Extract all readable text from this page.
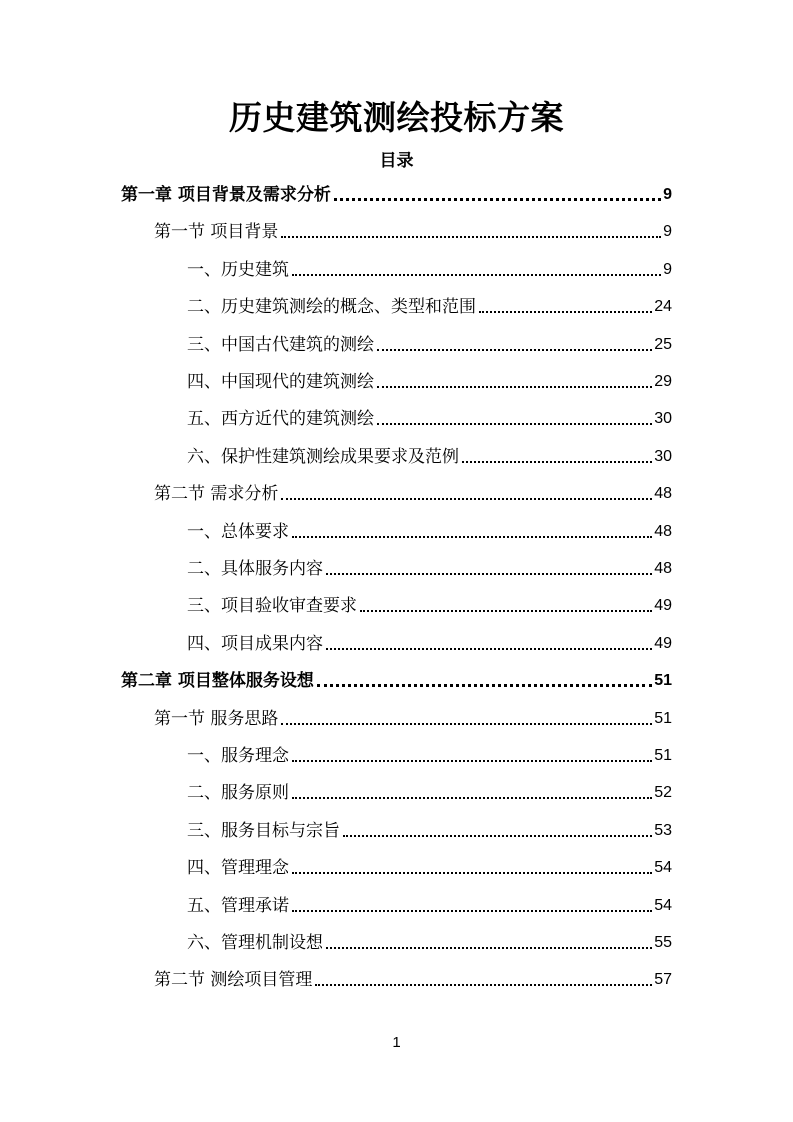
历史建筑测绘投标方案
目录
第一章 项目背景及需求分析	9
第一节 项目背景	9
一、历史建筑	9
二、历史建筑测绘的概念、类型和范围	24
三、中国古代建筑的测绘	25
四、中国现代的建筑测绘	29
五、西方近代的建筑测绘	30
六、保护性建筑测绘成果要求及范例	30
第二节 需求分析	48
一、总体要求	48
二、具体服务内容	48
三、项目验收审查要求	49
四、项目成果内容	49
第二章 项目整体服务设想	51
第一节 服务思路	51
一、服务理念	51
二、服务原则	52
三、服务目标与宗旨	53
四、管理理念	54
五、管理承诺	54
六、管理机制设想	55
第二节 测绘项目管理	57
1
